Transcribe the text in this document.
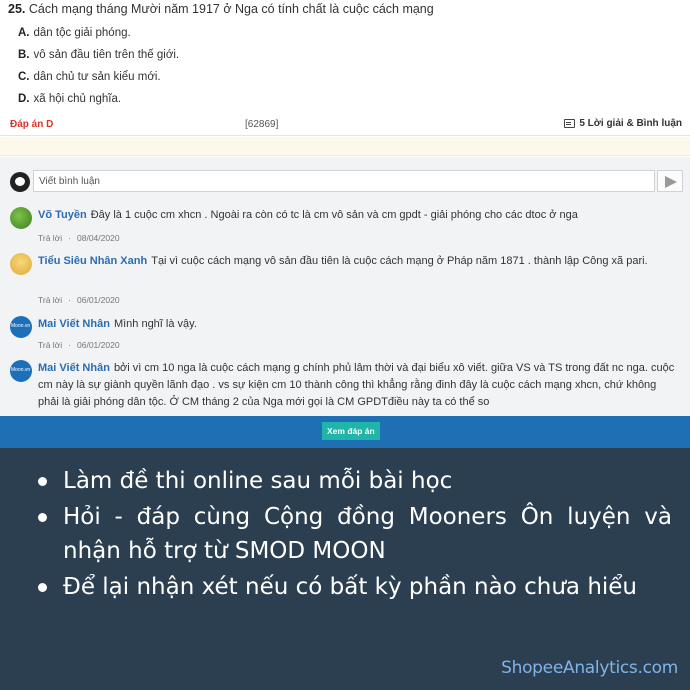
25. Cách mạng tháng Mười năm 1917 ở Nga có tính chất là cuộc cách mạng
A. dân tộc giải phóng.
B. vô sản đầu tiên trên thế giới.
C. dân chủ tư sản kiểu mới.
D. xã hội chủ nghĩa.
Đáp án D	[62869]	5 Lời giải & Bình luận
Viết bình luận
Võ Tuyền Đây là 1 cuộc cm xhcn . Ngoài ra còn có tc là cm vô sản và cm gpdt - giải phóng cho các dtoc ở nga
Trả lời · 08/04/2020
Tiểu Siêu Nhân Xanh Tại vì cuộc cách mạng vô sản đầu tiên là cuộc cách mạng ở Pháp năm 1871 . thành lập Công xã pari.
Trả lời · 06/01/2020
Moon.vn
Mai Viết Nhân Mình nghĩ là vậy.
Trả lời · 06/01/2020
Moon.vn
Mai Viết Nhân bởi vì cm 10 nga là cuộc cách mạng g chính phủ lâm thời và đại biểu xô viết. giữa VS và TS trong đất nc nga. cuộc cm này là sự giành quyền lãnh đạo . vs sự kiện cm 10 thành công thì khẳng rằng đinh đây là cuộc cách mạng xhcn, chứ không phải là giải phóng dân tộc. Ở CM tháng 2 của Nga mới gọi là CM GPDTđiều này ta có thể so
Xem đáp án
Làm đề thi online sau mỗi bài học
Hỏi - đáp cùng Cộng đồng Mooners Ôn luyện và nhận hỗ trợ từ SMOD MOON
Để lại nhận xét nếu có bất kỳ phần nào chưa hiểu
ShopeeAnalytics.com
